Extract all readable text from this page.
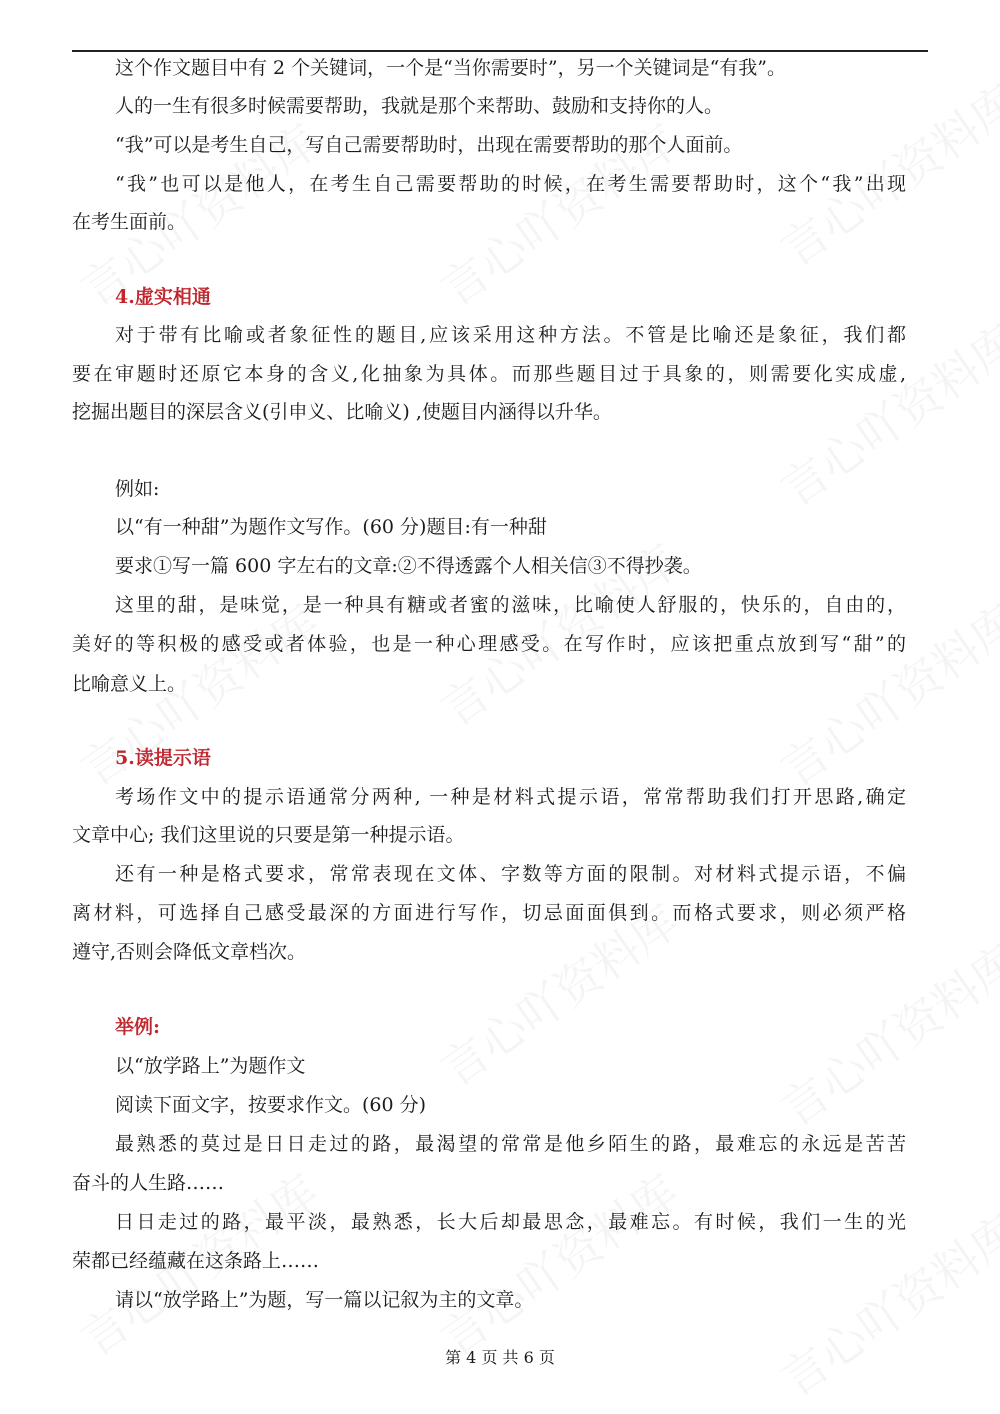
这个作文题目中有 2 个关键词，一个是“当你需要时”，另一个关键词是“有我”。
人的一生有很多时候需要帮助，我就是那个来帮助、鼓励和支持你的人。
“我”可以是考生自己，写自己需要帮助时，出现在需要帮助的那个人面前。
“我”也可以是他人，在考生自己需要帮助的时候，在考生需要帮助时，这个“我”出现
在考生面前。
4.虚实相通
对于带有比喻或者象征性的题目,应该采用这种方法。不管是比喻还是象征，我们都
要在审题时还原它本身的含义,化抽象为具体。而那些题目过于具象的，则需要化实成虚,
挖掘出题目的深层含义(引申义、比喻义) ,使题目内涵得以升华。
例如:
以“有一种甜”为题作文写作。(60 分)题目:有一种甜
要求①写一篇 600 字左右的文章:②不得透露个人相关信③不得抄袭。
这里的甜，是味觉，是一种具有糖或者蜜的滋味，比喻使人舒服的，快乐的，自由的，
美好的等积极的感受或者体验，也是一种心理感受。在写作时，应该把重点放到写“甜”的
比喻意义上。
5.读提示语
考场作文中的提示语通常分两种, 一种是材料式提示语，常常帮助我们打开思路,确定
文章中心; 我们这里说的只要是第一种提示语。
还有一种是格式要求，常常表现在文体、字数等方面的限制。对材料式提示语，不偏
离材料，可选择自己感受最深的方面进行写作，切忌面面俱到。而格式要求，则必须严格
遵守,否则会降低文章档次。
举例:
以“放学路上”为题作文
阅读下面文字，按要求作文。(60 分)
最熟悉的莫过是日日走过的路，最渴望的常常是他乡陌生的路，最难忘的永远是苦苦
奋斗的人生路……
日日走过的路，最平淡，最熟悉，长大后却最思念，最难忘。有时候，我们一生的光
荣都已经蕴藏在这条路上……
请以“放学路上”为题，写一篇以记叙为主的文章。
第 4 页 共 6 页
